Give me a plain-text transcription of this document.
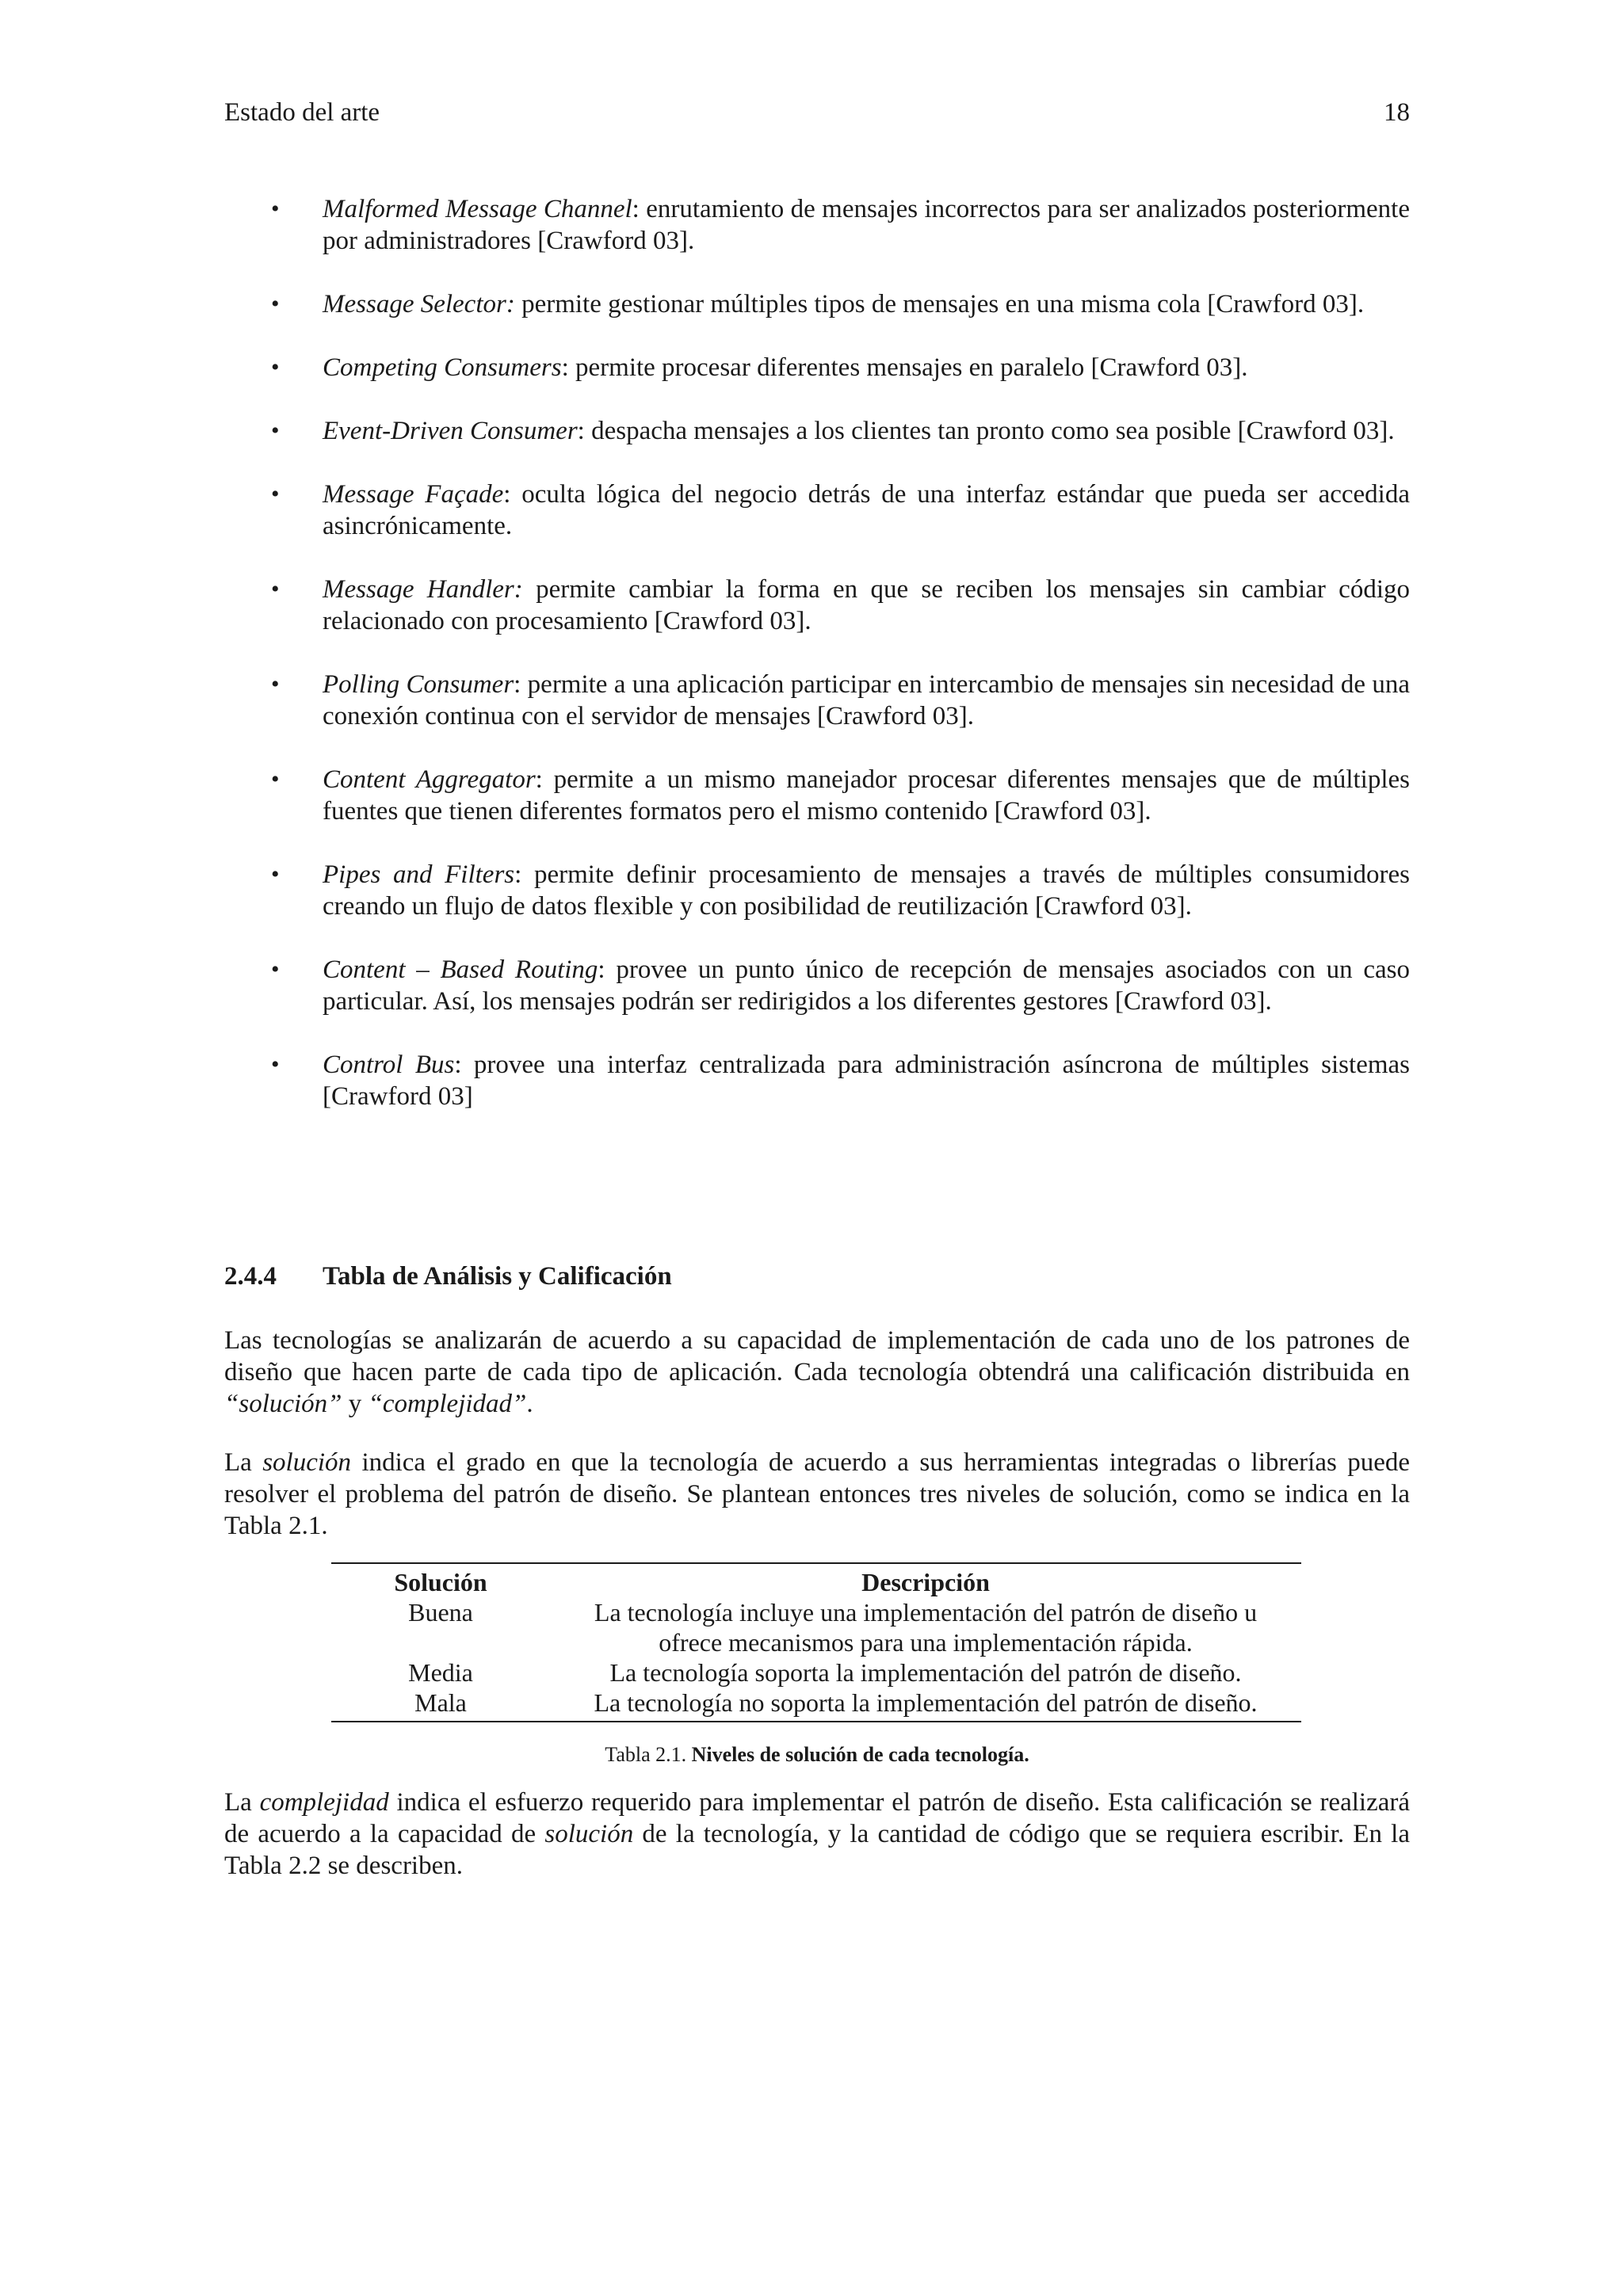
Estado del arte	18
• Malformed Message Channel: enrutamiento de mensajes incorrectos para ser analizados posteriormente por administradores [Crawford 03].
• Message Selector: permite gestionar múltiples tipos de mensajes en una misma cola [Crawford 03].
• Competing Consumers: permite procesar diferentes mensajes en paralelo [Crawford 03].
• Event-Driven Consumer: despacha mensajes a los clientes tan pronto como sea posible [Crawford 03].
• Message Façade: oculta lógica del negocio detrás de una interfaz estándar que pueda ser accedida asincrónicamente.
• Message Handler: permite cambiar la forma en que se reciben los mensajes sin cambiar código relacionado con procesamiento [Crawford 03].
• Polling Consumer: permite a una aplicación participar en intercambio de mensajes sin necesidad de una conexión continua con el servidor de mensajes [Crawford 03].
• Content Aggregator: permite a un mismo manejador procesar diferentes mensajes que de múltiples fuentes que tienen diferentes formatos pero el mismo contenido [Crawford 03].
• Pipes and Filters: permite definir procesamiento de mensajes a través de múltiples consumidores creando un flujo de datos flexible y con posibilidad de reutilización [Crawford 03].
• Content – Based Routing: provee un punto único de recepción de mensajes asociados con un caso particular. Así, los mensajes podrán ser redirigidos a los diferentes gestores [Crawford 03].
• Control Bus: provee una interfaz centralizada para administración asíncrona de múltiples sistemas [Crawford 03]
2.4.4 Tabla de Análisis y Calificación

Las tecnologías se analizarán de acuerdo a su capacidad de implementación de cada uno de los patrones de diseño que hacen parte de cada tipo de aplicación. Cada tecnología obtendrá una calificación distribuida en “solución” y “complejidad”.

La solución indica el grado en que la tecnología de acuerdo a sus herramientas integradas o librerías puede resolver el problema del patrón de diseño. Se plantean entonces tres niveles de solución, como se indica en la Tabla 2.1.

Solución	Descripción
Buena	La tecnología incluye una implementación del patrón de diseño u
ofrece mecanismos para una implementación rápida.

Media	La tecnología soporta la implementación del patrón de diseño.

Mala	La tecnología no soporta la implementación del patrón de diseño.
Tabla 2.1. Niveles de solución de cada tecnología.

La complejidad indica el esfuerzo requerido para implementar el patrón de diseño. Esta calificación se realizará de acuerdo a la capacidad de solución de la tecnología, y la cantidad de código que se requiera escribir. En la Tabla 2.2 se describen.
